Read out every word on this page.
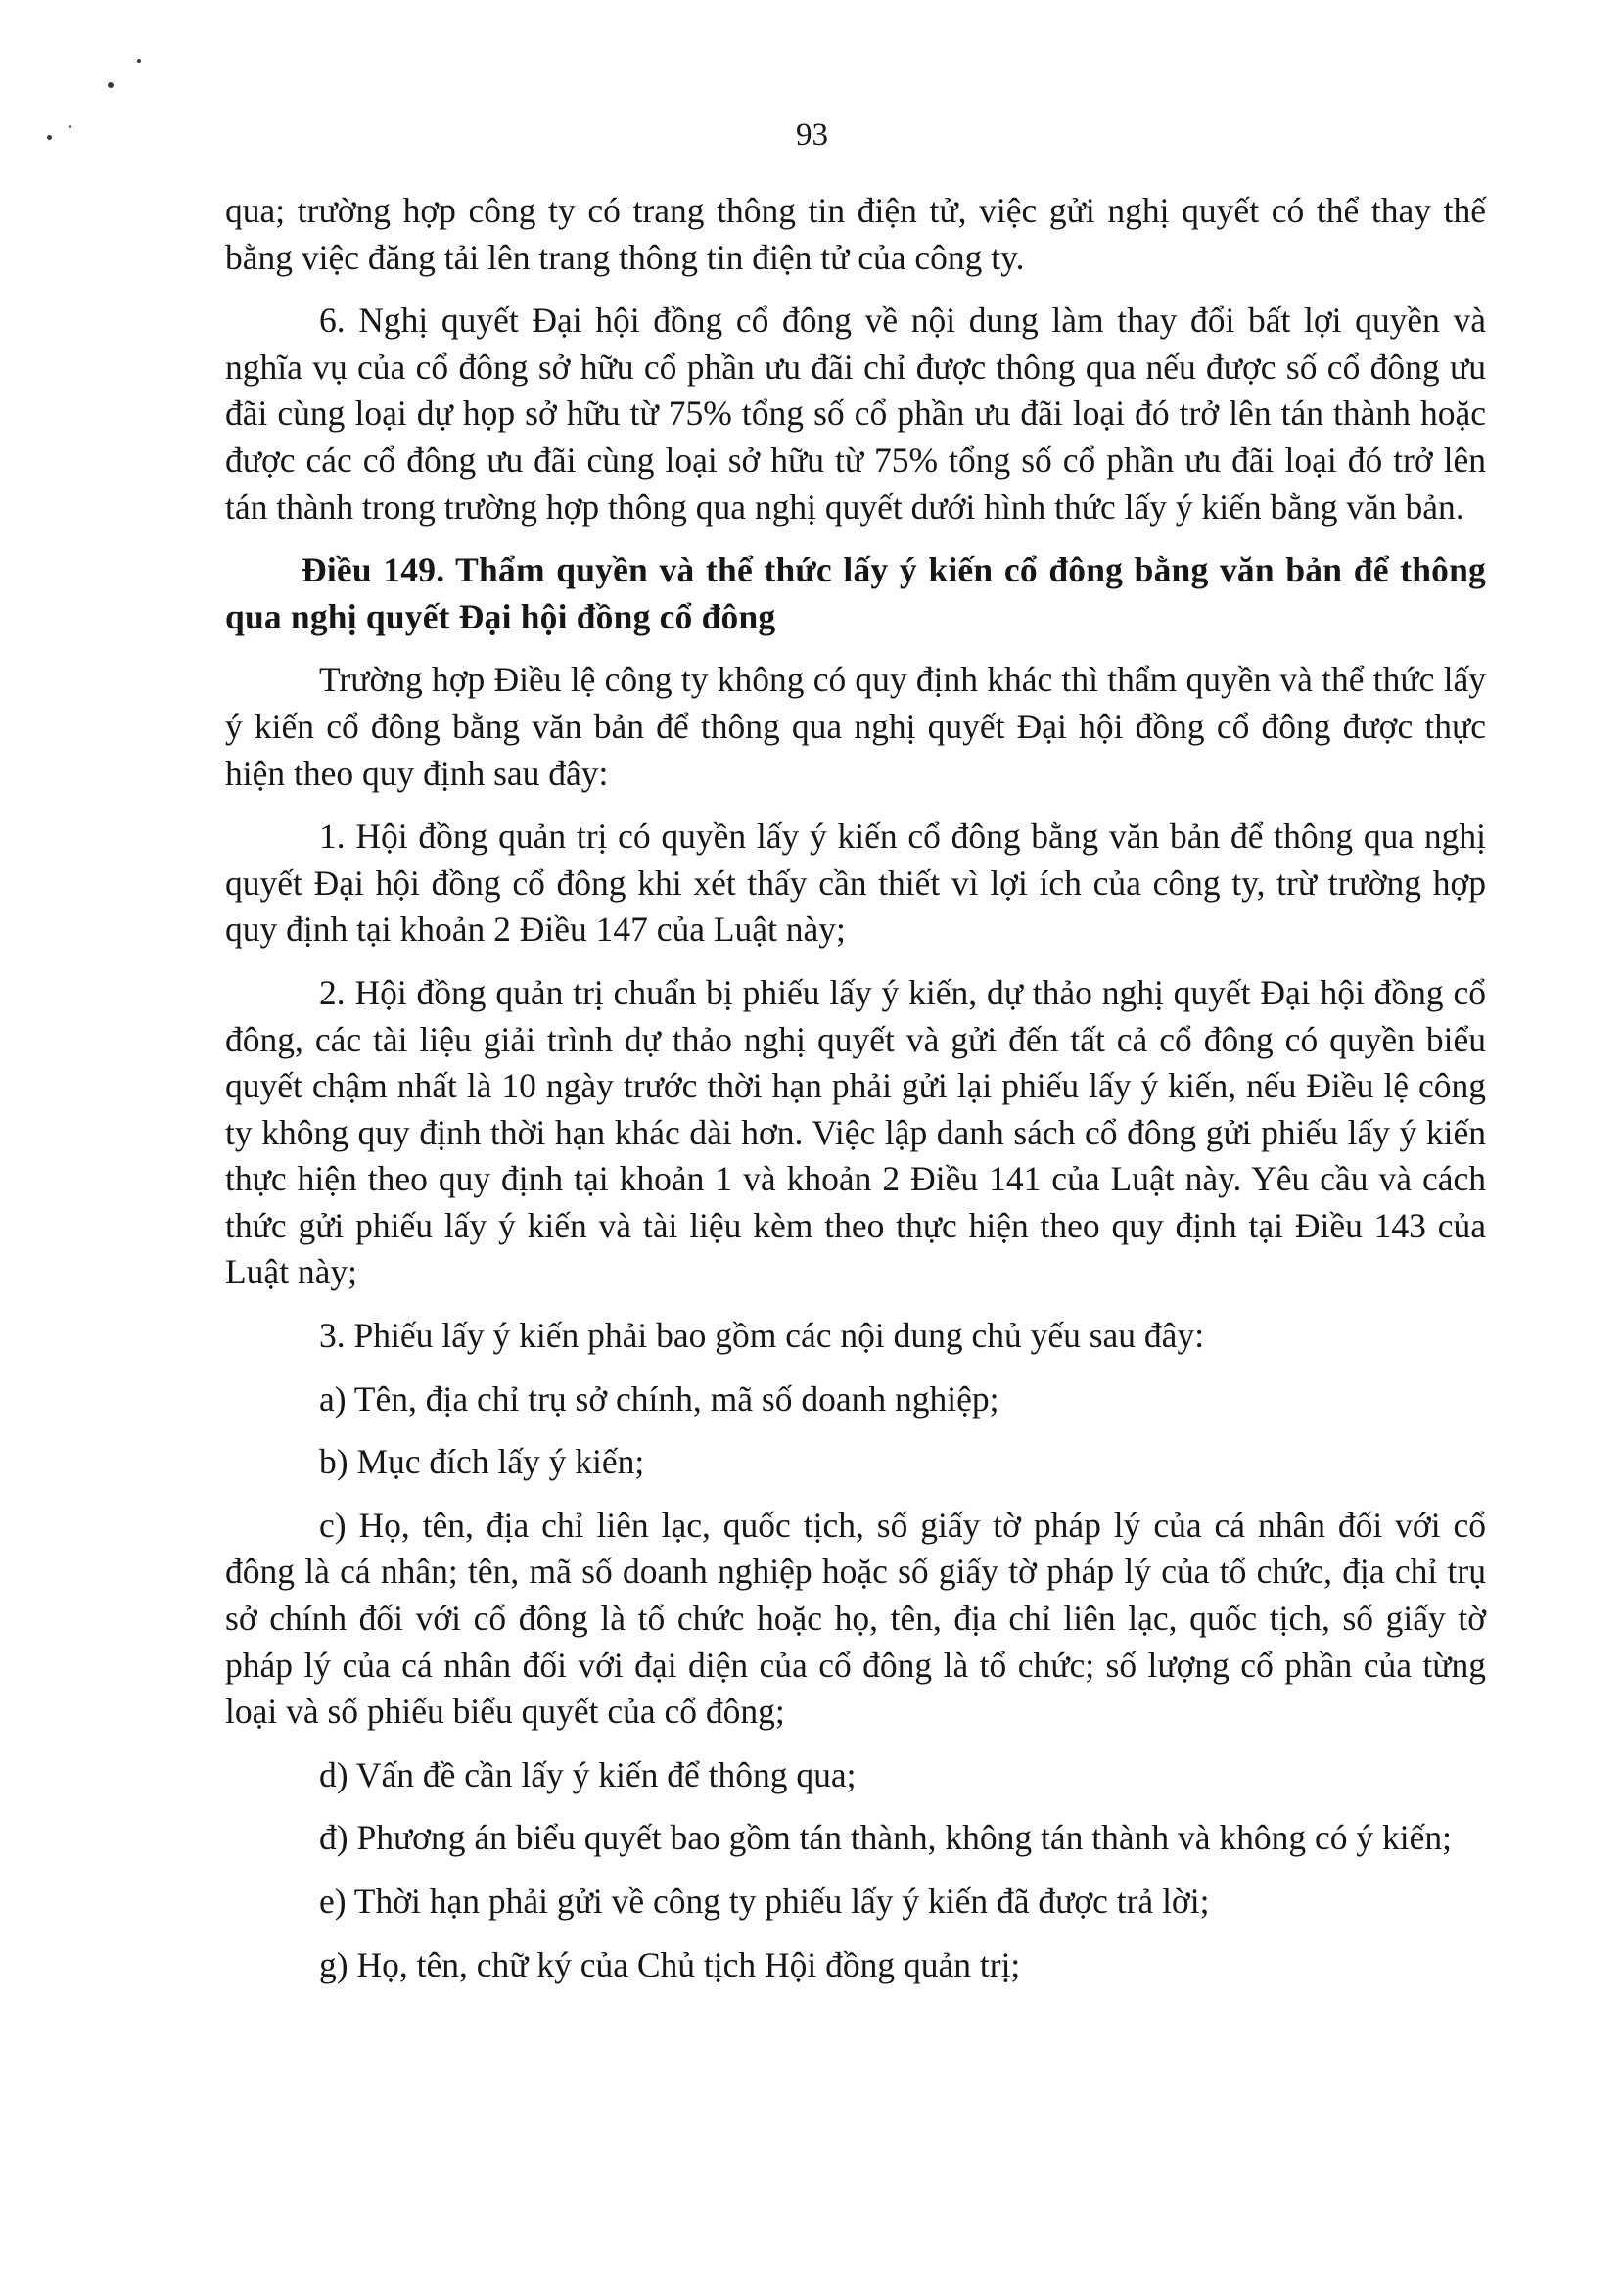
93

qua; trường hợp công ty có trang thông tin điện tử, việc gửi nghị quyết có thể thay thế bằng việc đăng tải lên trang thông tin điện tử của công ty.

6. Nghị quyết Đại hội đồng cổ đông về nội dung làm thay đổi bất lợi quyền và nghĩa vụ của cổ đông sở hữu cổ phần ưu đãi chỉ được thông qua nếu được số cổ đông ưu đãi cùng loại dự họp sở hữu từ 75% tổng số cổ phần ưu đãi loại đó trở lên tán thành hoặc được các cổ đông ưu đãi cùng loại sở hữu từ 75% tổng số cổ phần ưu đãi loại đó trở lên tán thành trong trường hợp thông qua nghị quyết dưới hình thức lấy ý kiến bằng văn bản.

Điều 149. Thẩm quyền và thể thức lấy ý kiến cổ đông bằng văn bản để thông qua nghị quyết Đại hội đồng cổ đông

Trường hợp Điều lệ công ty không có quy định khác thì thẩm quyền và thể thức lấy ý kiến cổ đông bằng văn bản để thông qua nghị quyết Đại hội đồng cổ đông được thực hiện theo quy định sau đây:

1. Hội đồng quản trị có quyền lấy ý kiến cổ đông bằng văn bản để thông qua nghị quyết Đại hội đồng cổ đông khi xét thấy cần thiết vì lợi ích của công ty, trừ trường hợp quy định tại khoản 2 Điều 147 của Luật này;

2. Hội đồng quản trị chuẩn bị phiếu lấy ý kiến, dự thảo nghị quyết Đại hội đồng cổ đông, các tài liệu giải trình dự thảo nghị quyết và gửi đến tất cả cổ đông có quyền biểu quyết chậm nhất là 10 ngày trước thời hạn phải gửi lại phiếu lấy ý kiến, nếu Điều lệ công ty không quy định thời hạn khác dài hơn. Việc lập danh sách cổ đông gửi phiếu lấy ý kiến thực hiện theo quy định tại khoản 1 và khoản 2 Điều 141 của Luật này. Yêu cầu và cách thức gửi phiếu lấy ý kiến và tài liệu kèm theo thực hiện theo quy định tại Điều 143 của Luật này;

3. Phiếu lấy ý kiến phải bao gồm các nội dung chủ yếu sau đây:

a) Tên, địa chỉ trụ sở chính, mã số doanh nghiệp;

b) Mục đích lấy ý kiến;

c) Họ, tên, địa chỉ liên lạc, quốc tịch, số giấy tờ pháp lý của cá nhân đối với cổ đông là cá nhân; tên, mã số doanh nghiệp hoặc số giấy tờ pháp lý của tổ chức, địa chỉ trụ sở chính đối với cổ đông là tổ chức hoặc họ, tên, địa chỉ liên lạc, quốc tịch, số giấy tờ pháp lý của cá nhân đối với đại diện của cổ đông là tổ chức; số lượng cổ phần của từng loại và số phiếu biểu quyết của cổ đông;

d) Vấn đề cần lấy ý kiến để thông qua;

đ) Phương án biểu quyết bao gồm tán thành, không tán thành và không có ý kiến;

e) Thời hạn phải gửi về công ty phiếu lấy ý kiến đã được trả lời;

g) Họ, tên, chữ ký của Chủ tịch Hội đồng quản trị;
